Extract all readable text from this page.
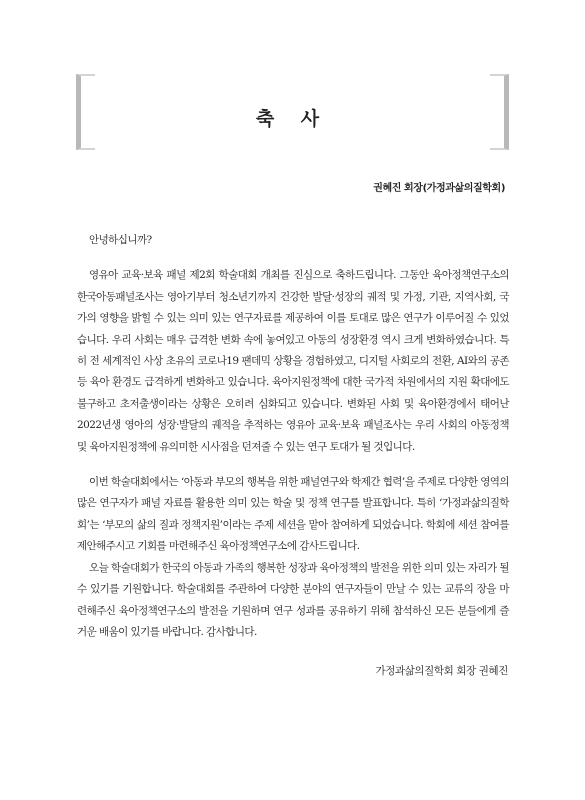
축 사
권혜진 회장(가정과삶의질학회)

안녕하십니까?

영유아 교육·보육 패널 제2회 학술대회 개최를 진심으로 축하드립니다. 그동안 육아정책연구소의 한국아동패널조사는 영아기부터 청소년기까지 건강한 발달·성장의 궤적 및 가정, 기관, 지역사회, 국가의 영향을 밝힐 수 있는 의미 있는 연구자료를 제공하여 이를 토대로 많은 연구가 이루어질 수 있었습니다. 우리 사회는 매우 급격한 변화 속에 놓여있고 아동의 성장환경 역시 크게 변화하였습니다. 특히 전 세계적인 사상 초유의 코로나19 팬데믹 상황을 경험하였고, 디지털 사회로의 전환, AI와의 공존 등 육아 환경도 급격하게 변화하고 있습니다. 육아지원정책에 대한 국가적 차원에서의 지원 확대에도 불구하고 초저출생이라는 상황은 오히려 심화되고 있습니다. 변화된 사회 및 육아환경에서 태어난 2022년생 영아의 성장·발달의 궤적을 추적하는 영유아 교육·보육 패널조사는 우리 사회의 아동정책 및 육아지원정책에 유의미한 시사점을 던져줄 수 있는 연구 토대가 될 것입니다.

이번 학술대회에서는 ‘아동과 부모의 행복을 위한 패널연구와 학제간 협력’을 주제로 다양한 영역의 많은 연구자가 패널 자료를 활용한 의미 있는 학술 및 정책 연구를 발표합니다. 특히 ‘가정과삶의질학회’는 ‘부모의 삶의 질과 정책지원’이라는 주제 세션을 맡아 참여하게 되었습니다. 학회에 세션 참여를 제안해주시고 기회를 마련해주신 육아정책연구소에 감사드립니다.

오늘 학술대회가 한국의 아동과 가족의 행복한 성장과 육아정책의 발전을 위한 의미 있는 자리가 될 수 있기를 기원합니다. 학술대회를 주관하여 다양한 분야의 연구자들이 만날 수 있는 교류의 장을 마련해주신 육아정책연구소의 발전을 기원하며 연구 성과를 공유하기 위해 참석하신 모든 분들에게 즐거운 배움이 있기를 바랍니다. 감사합니다.

가정과삶의질학회 회장 권혜진
